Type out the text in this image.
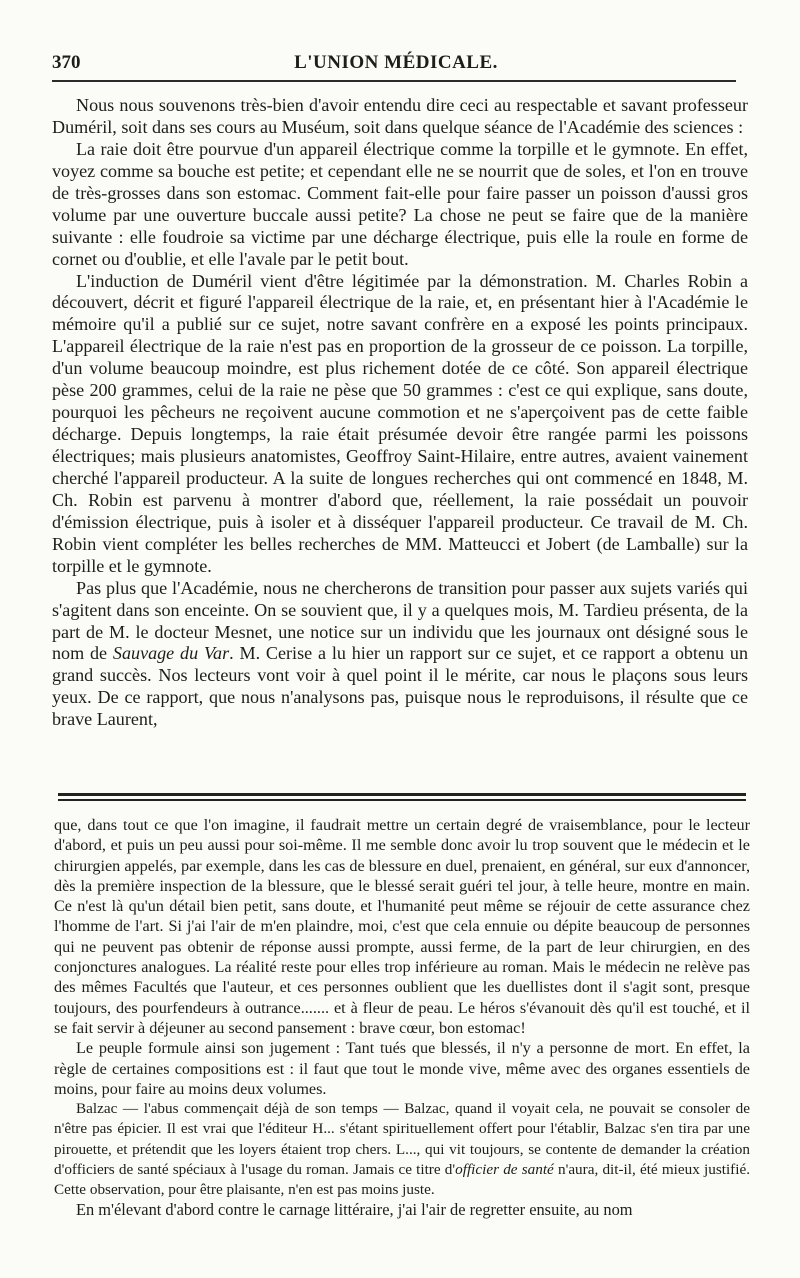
370	L'UNION MÉDICALE.

Nous nous souvenons très-bien d'avoir entendu dire ceci au respectable et savant professeur Duméril, soit dans ses cours au Muséum, soit dans quelque séance de l'Académie des sciences :

La raie doit être pourvue d'un appareil électrique comme la torpille et le gymnote. En effet, voyez comme sa bouche est petite; et cependant elle ne se nourrit que de soles, et l'on en trouve de très-grosses dans son estomac. Comment fait-elle pour faire passer un poisson d'aussi gros volume par une ouverture buccale aussi petite? La chose ne peut se faire que de la manière suivante : elle foudroie sa victime par une décharge électrique, puis elle la roule en forme de cornet ou d'oublie, et elle l'avale par le petit bout.

L'induction de Duméril vient d'être légitimée par la démonstration. M. Charles Robin a découvert, décrit et figuré l'appareil électrique de la raie, et, en présentant hier à l'Académie le mémoire qu'il a publié sur ce sujet, notre savant confrère en a exposé les points principaux. L'appareil électrique de la raie n'est pas en proportion de la grosseur de ce poisson. La torpille, d'un volume beaucoup moindre, est plus richement dotée de ce côté. Son appareil électrique pèse 200 grammes, celui de la raie ne pèse que 50 grammes : c'est ce qui explique, sans doute, pourquoi les pêcheurs ne reçoivent aucune commotion et ne s'aperçoivent pas de cette faible décharge. Depuis longtemps, la raie était présumée devoir être rangée parmi les poissons électriques; mais plusieurs anatomistes, Geoffroy Saint-Hilaire, entre autres, avaient vainement cherché l'appareil producteur. A la suite de longues recherches qui ont commencé en 1848, M. Ch. Robin est parvenu à montrer d'abord que, réellement, la raie possédait un pouvoir d'émission électrique, puis à isoler et à disséquer l'appareil producteur. Ce travail de M. Ch. Robin vient compléter les belles recherches de MM. Matteucci et Jobert (de Lamballe) sur la torpille et le gymnote.

Pas plus que l'Académie, nous ne chercherons de transition pour passer aux sujets variés qui s'agitent dans son enceinte. On se souvient que, il y a quelques mois, M. Tardieu présenta, de la part de M. le docteur Mesnet, une notice sur un individu que les journaux ont désigné sous le nom de Sauvage du Var. M. Cerise a lu hier un rapport sur ce sujet, et ce rapport a obtenu un grand succès. Nos lecteurs vont voir à quel point il le mérite, car nous le plaçons sous leurs yeux. De ce rapport, que nous n'analysons pas, puisque nous le reproduisons, il résulte que ce brave Laurent,

que, dans tout ce que l'on imagine, il faudrait mettre un certain degré de vraisemblance, pour le lecteur d'abord, et puis un peu aussi pour soi-même. Il me semble donc avoir lu trop souvent que le médecin et le chirurgien appelés, par exemple, dans les cas de blessure en duel, prenaient, en général, sur eux d'annoncer, dès la première inspection de la blessure, que le blessé serait guéri tel jour, à telle heure, montre en main. Ce n'est là qu'un détail bien petit, sans doute, et l'humanité peut même se réjouir de cette assurance chez l'homme de l'art. Si j'ai l'air de m'en plaindre, moi, c'est que cela ennuie ou dépite beaucoup de personnes qui ne peuvent pas obtenir de réponse aussi prompte, aussi ferme, de la part de leur chirurgien, en des conjonctures analogues. La réalité reste pour elles trop inférieure au roman. Mais le médecin ne relève pas des mêmes Facultés que l'auteur, et ces personnes oublient que les duellistes dont il s'agit sont, presque toujours, des pourfendeurs à outrance....... et à fleur de peau. Le héros s'évanouit dès qu'il est touché, et il se fait servir à déjeuner au second pansement : brave cœur, bon estomac!

Le peuple formule ainsi son jugement : Tant tués que blessés, il n'y a personne de mort. En effet, la règle de certaines compositions est : il faut que tout le monde vive, même avec des organes essentiels de moins, pour faire au moins deux volumes.

Balzac — l'abus commençait déjà de son temps — Balzac, quand il voyait cela, ne pouvait se consoler de n'être pas épicier. Il est vrai que l'éditeur H... s'étant spirituellement offert pour l'établir, Balzac s'en tira par une pirouette, et prétendit que les loyers étaient trop chers. L..., qui vit toujours, se contente de demander la création d'officiers de santé spéciaux à l'usage du roman. Jamais ce titre d'officier de santé n'aura, dit-il, été mieux justifié. Cette observation, pour être plaisante, n'en est pas moins juste.

En m'élevant d'abord contre le carnage littéraire, j'ai l'air de regretter ensuite, au nom
